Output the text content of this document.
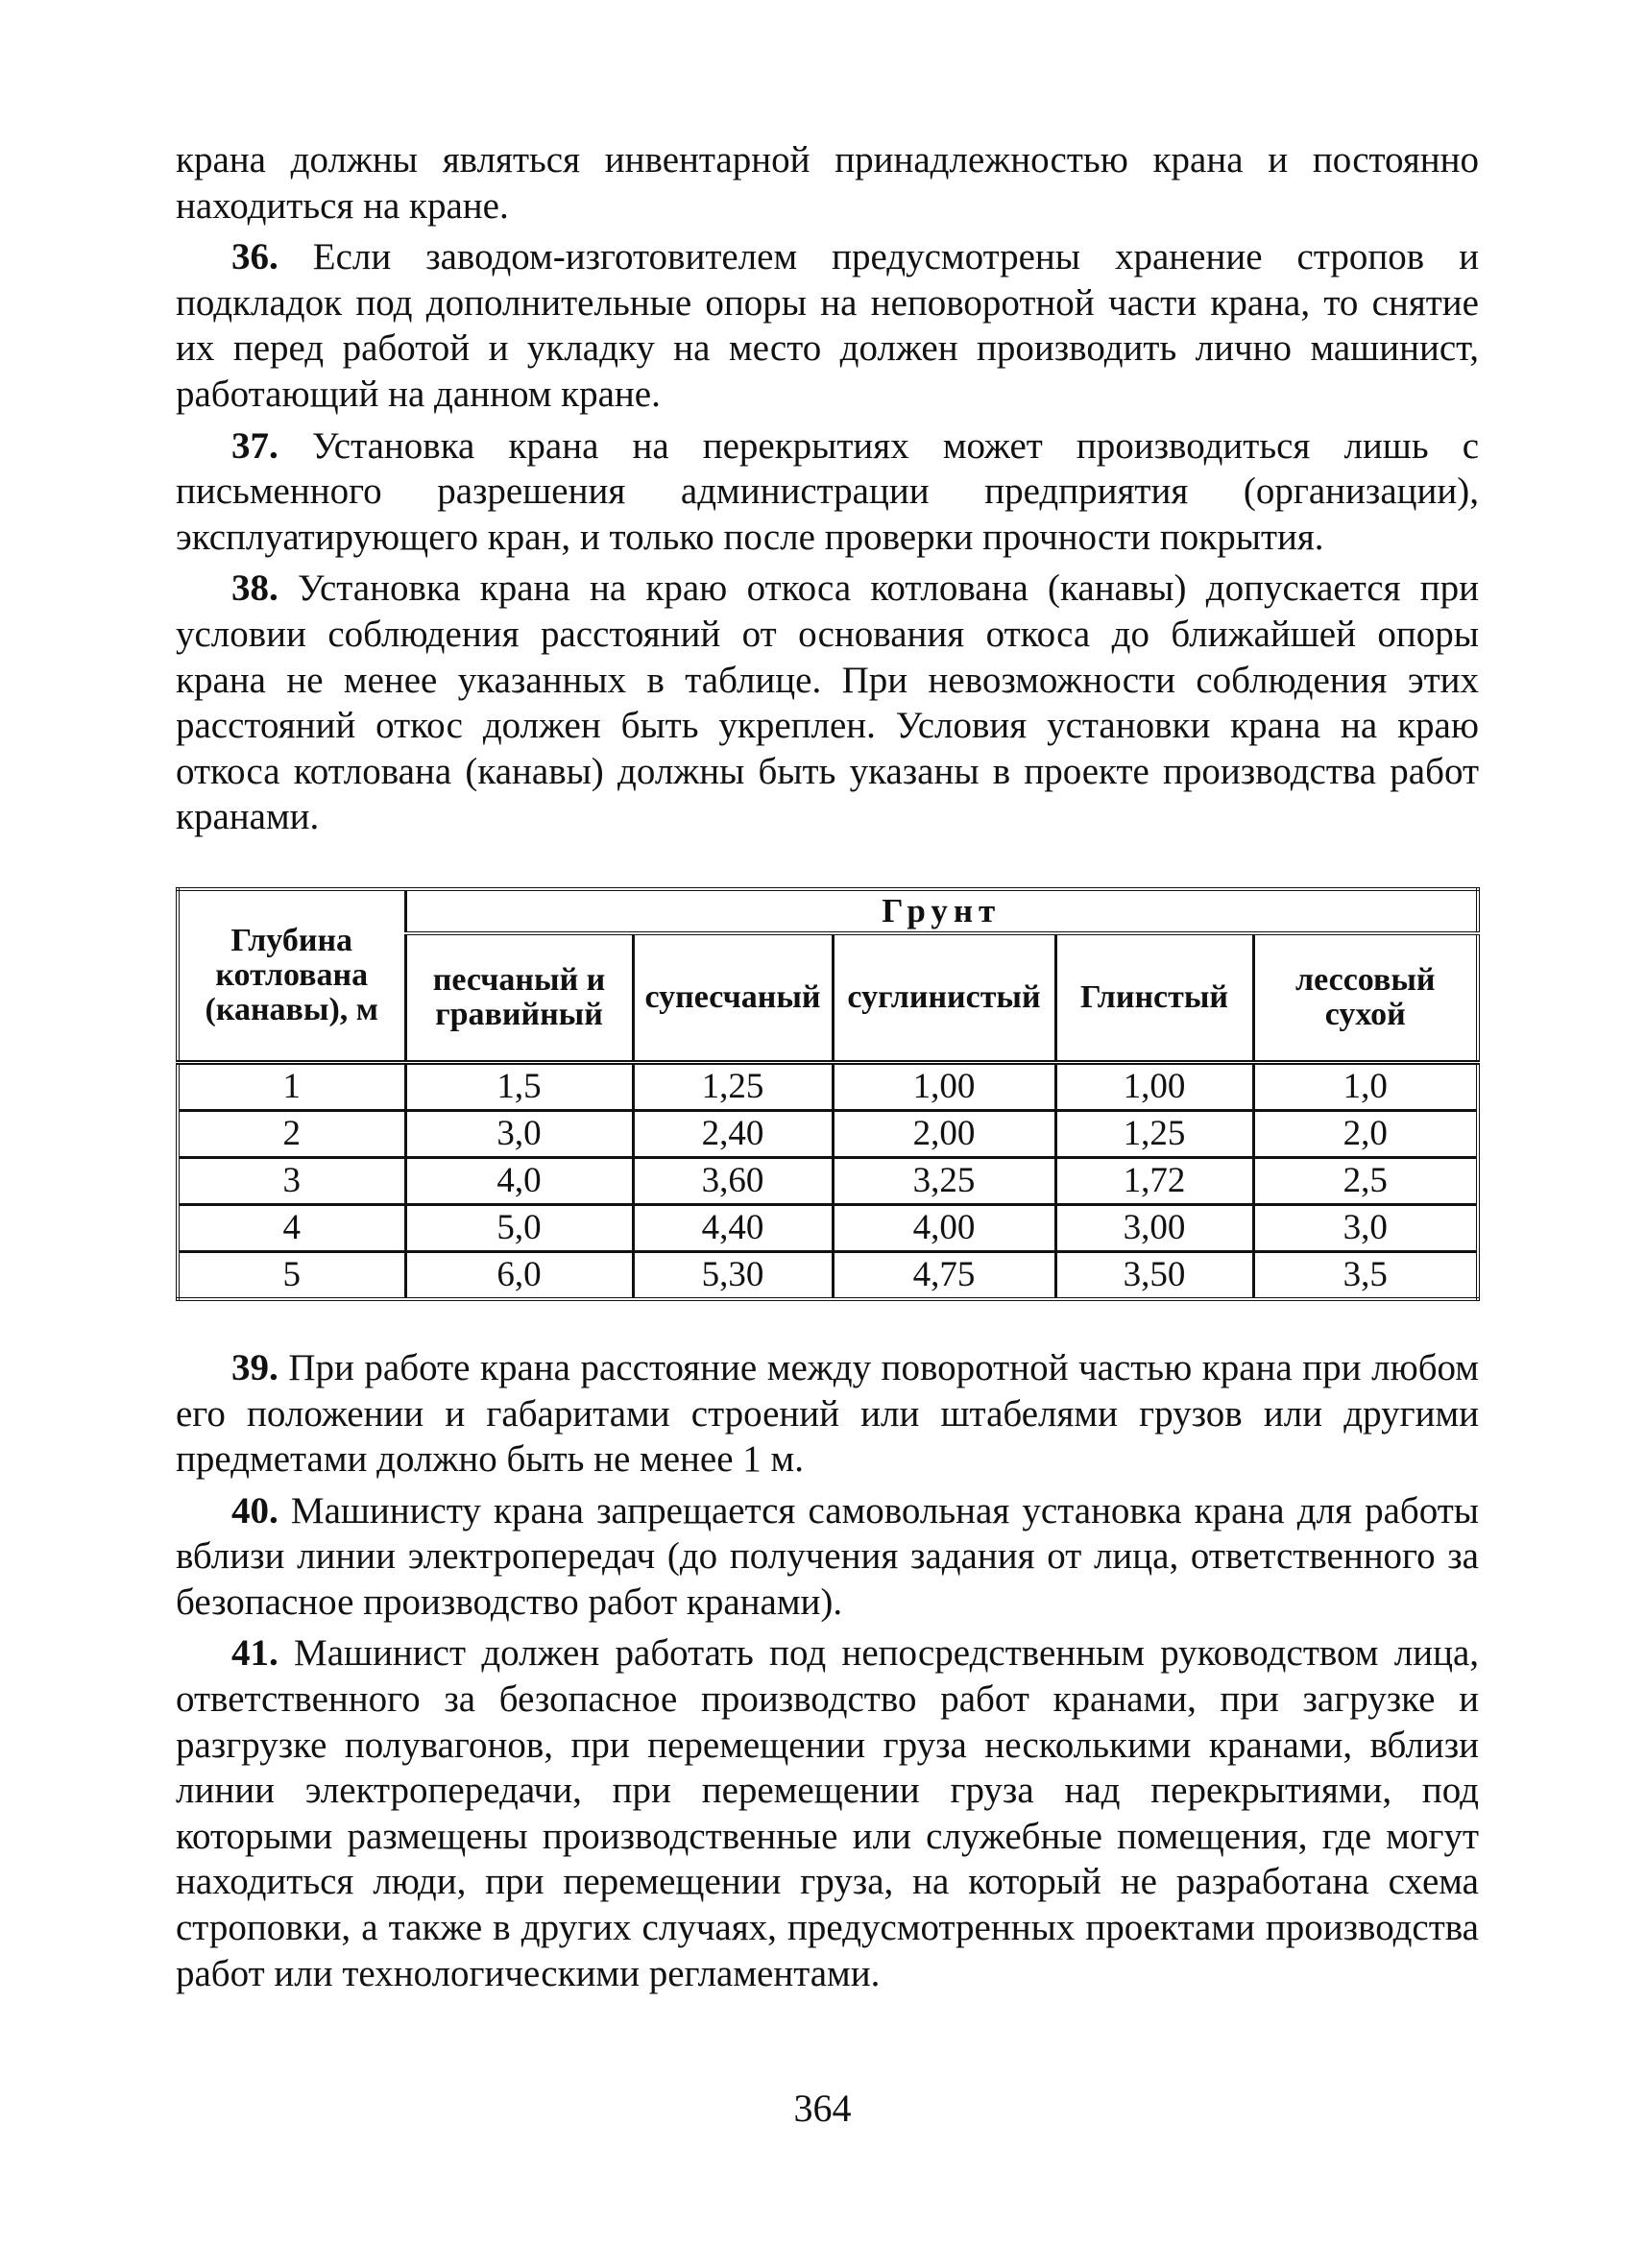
крана должны являться инвентарной принадлежностью крана и постоянно находиться на кране.

36. Если заводом-изготовителем предусмотрены хранение стропов и подкладок под дополнительные опоры на неповоротной части крана, то снятие их перед работой и укладку на место должен производить лично машинист, работающий на данном кране.

37. Установка крана на перекрытиях может производиться лишь с письменного разрешения администрации предприятия (организации), эксплуатирующего кран, и только после проверки прочности покрытия.

38. Установка крана на краю откоса котлована (канавы) допускается при условии соблюдения расстояний от основания откоса до ближайшей опоры крана не менее указанных в таблице. При невозможности соблюдения этих расстояний откос должен быть укреплен. Условия установки крана на краю откоса котлована (канавы) должны быть указаны в проекте производства работ кранами.

Глубина котлована (канавы), м	Грунт				
	песчаный и гравийный	супесчаный	суглинистый	Глинстый	лессовый сухой
1	1,5	1,25	1,00	1,00	1,0
2	3,0	2,40	2,00	1,25	2,0
3	4,0	3,60	3,25	1,72	2,5
4	5,0	4,40	4,00	3,00	3,0
5	6,0	5,30	4,75	3,50	3,5

39. При работе крана расстояние между поворотной частью крана при любом его положении и габаритами строений или штабелями грузов или другими предметами должно быть не менее 1 м.

40. Машинисту крана запрещается самовольная установка крана для работы вблизи линии электропередач (до получения задания от лица, ответственного за безопасное производство работ кранами).

41. Машинист должен работать под непосредственным руководством лица, ответственного за безопасное производство работ кранами, при загрузке и разгрузке полувагонов, при перемещении груза несколькими кранами, вблизи линии электропередачи, при перемещении груза над перекрытиями, под которыми размещены производственные или служебные помещения, где могут находиться люди, при перемещении груза, на который не разработана схема строповки, а также в других случаях, предусмотренных проектами производства работ или технологическими регламентами.

364
